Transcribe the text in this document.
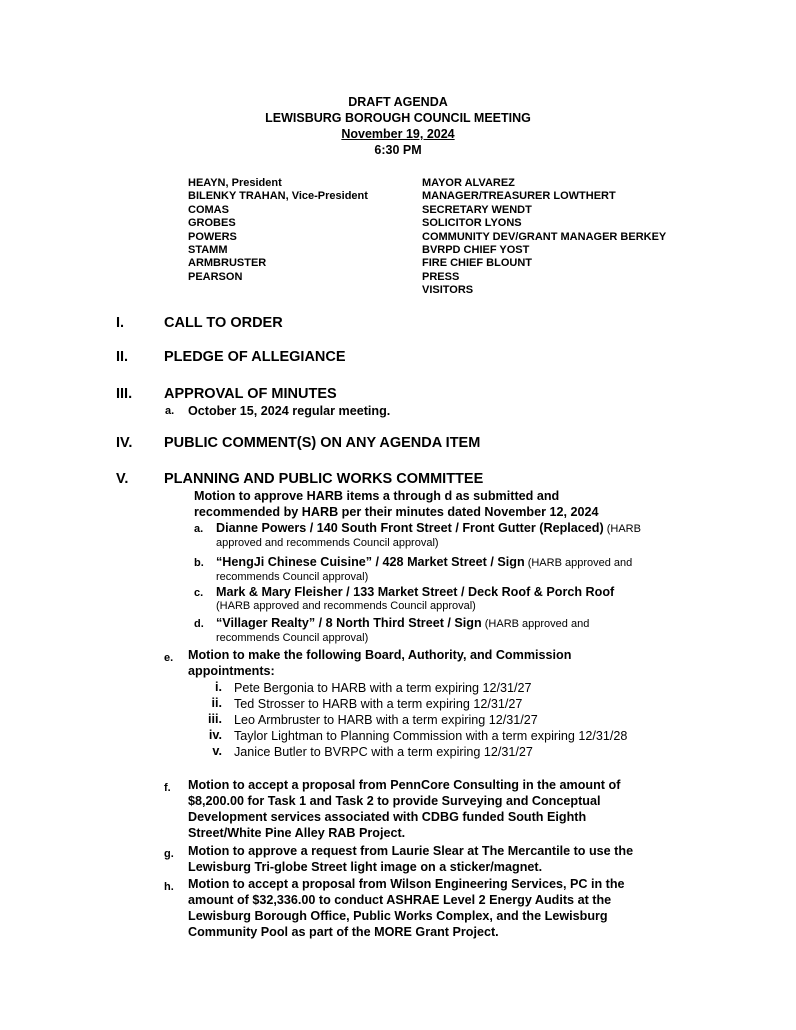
DRAFT AGENDA
LEWISBURG BOROUGH COUNCIL MEETING
November 19, 2024
6:30 PM
HEAYN, President
BILENKY TRAHAN, Vice-President
COMAS
GROBES
POWERS
STAMM
ARMBRUSTER
PEARSON
MAYOR ALVAREZ
MANAGER/TREASURER LOWTHERT
SECRETARY WENDT
SOLICITOR LYONS
COMMUNITY DEV/GRANT MANAGER BERKEY
BVRPD CHIEF YOST
FIRE CHIEF BLOUNT
PRESS
VISITORS
I.	CALL TO ORDER
II. PLEDGE OF ALLEGIANCE
III. APPROVAL OF MINUTES
a. October 15, 2024 regular meeting.
IV. PUBLIC COMMENT(S) ON ANY AGENDA ITEM
V. PLANNING AND PUBLIC WORKS COMMITTEE
Motion to approve HARB items a through d as submitted and
recommended by HARB per their minutes dated November 12, 2024
a. Dianne Powers / 140 South Front Street / Front Gutter (Replaced) (HARB
approved and recommends Council approval)
b. “HengJi Chinese Cuisine” / 428 Market Street / Sign (HARB approved and
recommends Council approval)
c. Mark & Mary Fleisher / 133 Market Street / Deck Roof & Porch Roof
(HARB approved and recommends Council approval)
d. “Villager Realty” / 8 North Third Street / Sign (HARB approved and
recommends Council approval)
e. Motion to make the following Board, Authority, and Commission
appointments:
i. Pete Bergonia to HARB with a term expiring 12/31/27
ii. Ted Strosser to HARB with a term expiring 12/31/27
iii. Leo Armbruster to HARB with a term expiring 12/31/27
iv. Taylor Lightman to Planning Commission with a term expiring 12/31/28
v. Janice Butler to BVRPC with a term expiring 12/31/27
f. Motion to accept a proposal from PennCore Consulting in the amount of
$8,200.00 for Task 1 and Task 2 to provide Surveying and Conceptual
Development services associated with CDBG funded South Eighth
Street/White Pine Alley RAB Project.
g. Motion to approve a request from Laurie Slear at The Mercantile to use the
Lewisburg Tri-globe Street light image on a sticker/magnet.
h. Motion to accept a proposal from Wilson Engineering Services, PC in the
amount of $32,336.00 to conduct ASHRAE Level 2 Energy Audits at the
Lewisburg Borough Office, Public Works Complex, and the Lewisburg
Community Pool as part of the MORE Grant Project.
